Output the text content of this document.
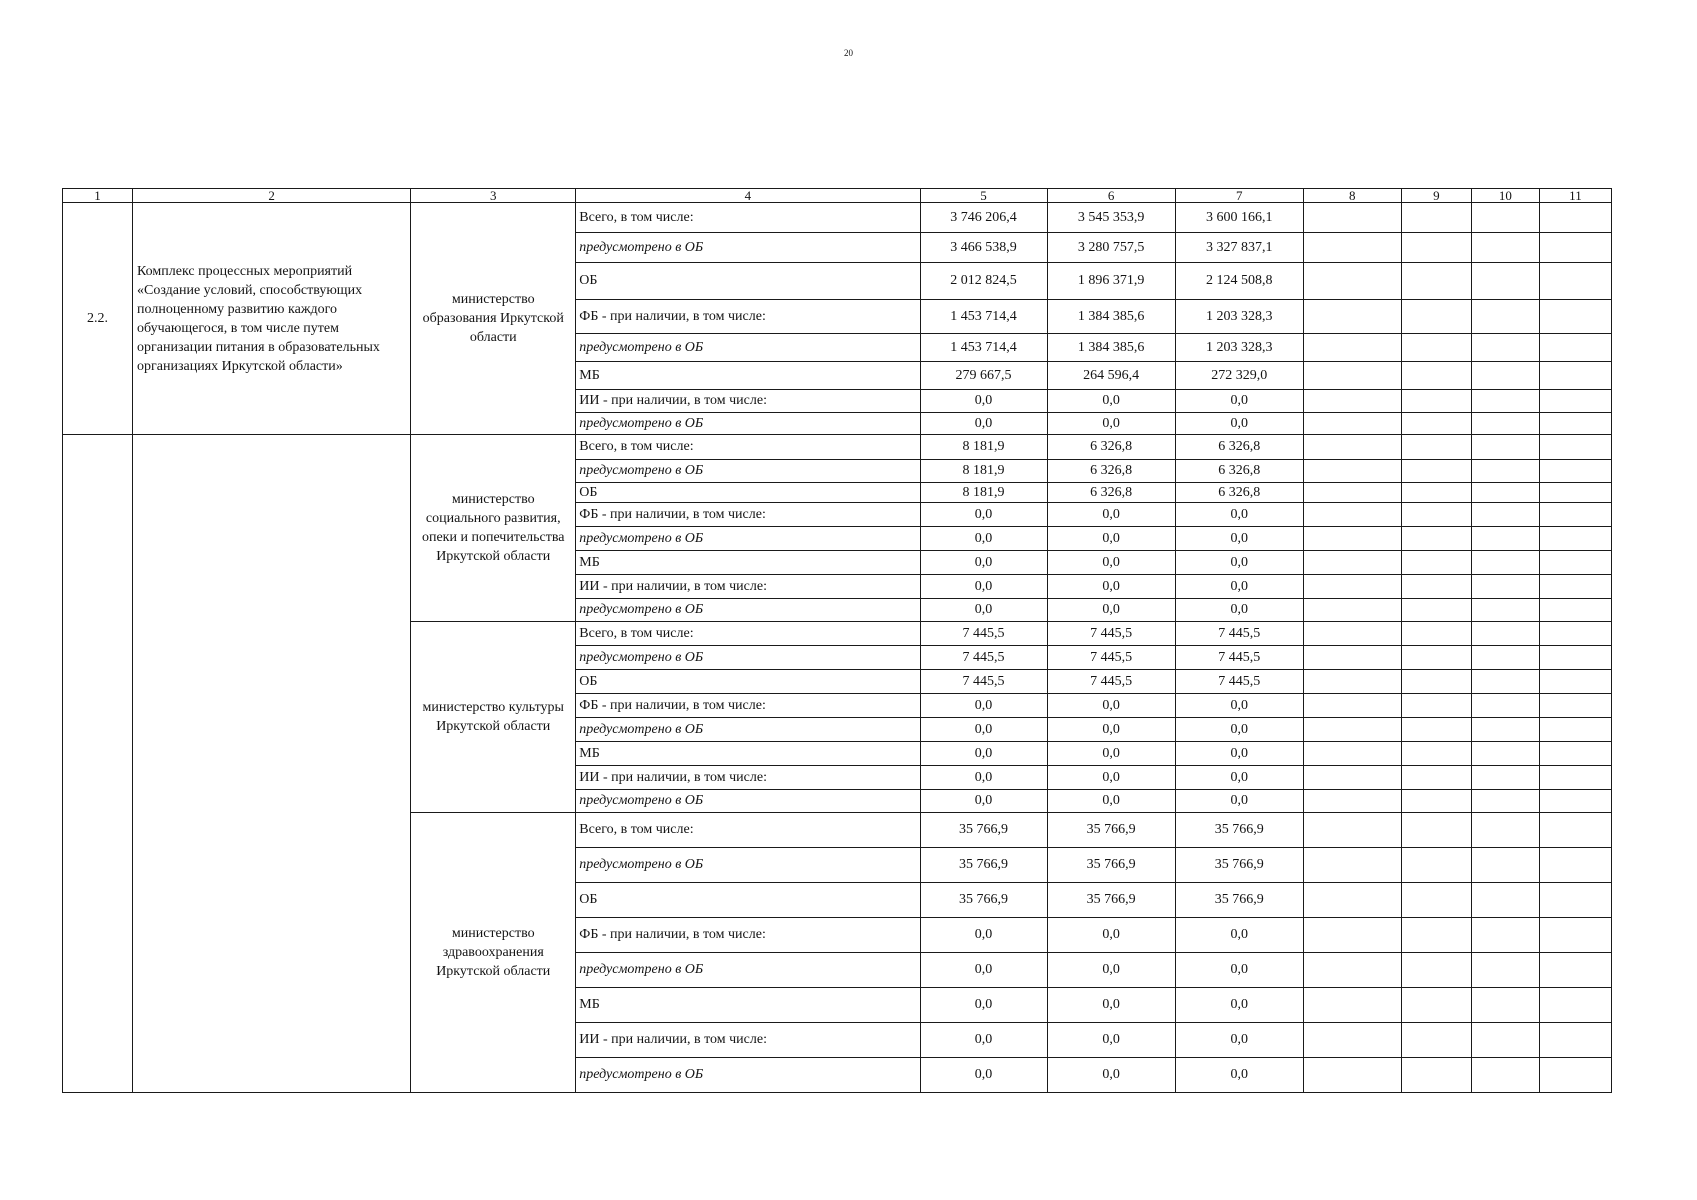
20
1	2	3	4	5	6	7	8	9	10	11
2.2.	Комплекс процессных мероприятий «Создание условий, способствующих полноценному развитию каждого обучающегося, в том числе путем организации питания в образовательных организациях Иркутской области»	министерство образования Иркутской области	Всего, в том числе:	3 746 206,4	3 545 353,9	3 600 166,1				
			предусмотрено в ОБ	3 466 538,9	3 280 757,5	3 327 837,1				
			ОБ	2 012 824,5	1 896 371,9	2 124 508,8				
			ФБ - при наличии, в том числе:	1 453 714,4	1 384 385,6	1 203 328,3				
			предусмотрено в ОБ	1 453 714,4	1 384 385,6	1 203 328,3				
			МБ	279 667,5	264 596,4	272 329,0				
			ИИ - при наличии, в том числе:	0,0	0,0	0,0				
			предусмотрено в ОБ	0,0	0,0	0,0				
		министерство социального развития, опеки и попечительства Иркутской области	Всего, в том числе:	8 181,9	6 326,8	6 326,8				
			предусмотрено в ОБ	8 181,9	6 326,8	6 326,8				
			ОБ	8 181,9	6 326,8	6 326,8				
			ФБ - при наличии, в том числе:	0,0	0,0	0,0				
			предусмотрено в ОБ	0,0	0,0	0,0				
			МБ	0,0	0,0	0,0				
			ИИ - при наличии, в том числе:	0,0	0,0	0,0				
			предусмотрено в ОБ	0,0	0,0	0,0				
		министерство культуры Иркутской области	Всего, в том числе:	7 445,5	7 445,5	7 445,5				
			предусмотрено в ОБ	7 445,5	7 445,5	7 445,5				
			ОБ	7 445,5	7 445,5	7 445,5				
			ФБ - при наличии, в том числе:	0,0	0,0	0,0				
			предусмотрено в ОБ	0,0	0,0	0,0				
			МБ	0,0	0,0	0,0				
			ИИ - при наличии, в том числе:	0,0	0,0	0,0				
			предусмотрено в ОБ	0,0	0,0	0,0				
		министерство здравоохранения Иркутской области	Всего, в том числе:	35 766,9	35 766,9	35 766,9				
			предусмотрено в ОБ	35 766,9	35 766,9	35 766,9				
			ОБ	35 766,9	35 766,9	35 766,9				
			ФБ - при наличии, в том числе:	0,0	0,0	0,0				
			предусмотрено в ОБ	0,0	0,0	0,0				
			МБ	0,0	0,0	0,0				
			ИИ - при наличии, в том числе:	0,0	0,0	0,0				
			предусмотрено в ОБ	0,0	0,0	0,0				
